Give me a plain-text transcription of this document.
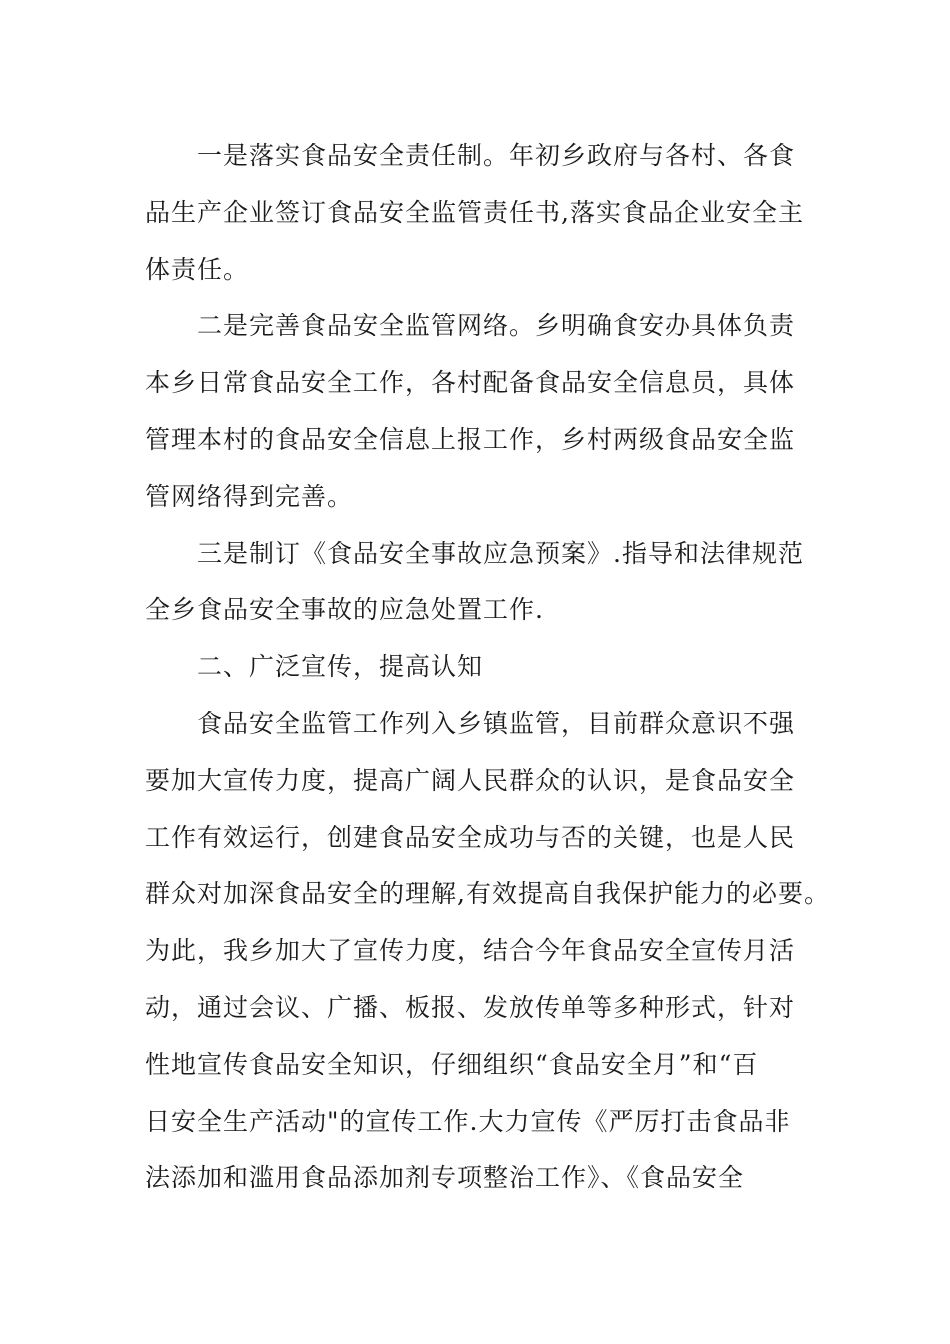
一是落实食品安全责任制。年初乡政府与各村、各食
品生产企业签订食品安全监管责任书,落实食品企业安全主
体责任。
二是完善食品安全监管网络。乡明确食安办具体负责
本乡日常食品安全工作，各村配备食品安全信息员，具体
管理本村的食品安全信息上报工作，乡村两级食品安全监
管网络得到完善。
三是制订《食品安全事故应急预案》.指导和法律规范
全乡食品安全事故的应急处置工作.
二、广泛宣传，提高认知
食品安全监管工作列入乡镇监管，目前群众意识不强
要加大宣传力度，提高广阔人民群众的认识，是食品安全
工作有效运行，创建食品安全成功与否的关键，也是人民
群众对加深食品安全的理解,有效提高自我保护能力的必要。
为此，我乡加大了宣传力度，结合今年食品安全宣传月活
动，通过会议、广播、板报、发放传单等多种形式，针对
性地宣传食品安全知识，仔细组织“食品安全月”和“百
日安全生产活动"的宣传工作.大力宣传《严厉打击食品非
法添加和滥用食品添加剂专项整治工作》、《食品安全
